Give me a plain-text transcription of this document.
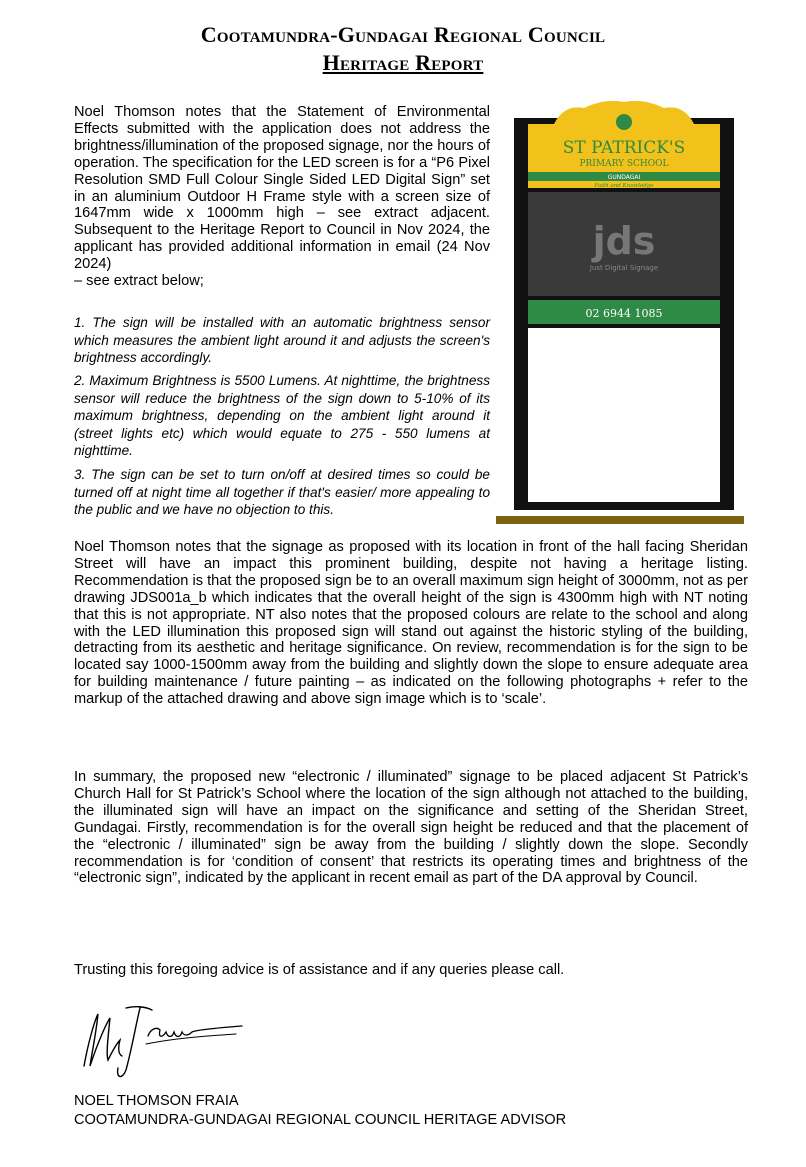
Cootamundra-Gundagai Regional Council
Heritage Report

Noel Thomson notes that the Statement of Environmental Effects submitted with the application does not address the brightness/illumination of the proposed signage, nor the hours of operation. The specification for the LED screen is for a “P6 Pixel Resolution SMD Full Colour Single Sided LED Digital Sign” set in an aluminium Outdoor H Frame style with a screen size of 1647mm wide x 1000mm high – see extract adjacent. Subsequent to the Heritage Report to Council in Nov 2024, the applicant has provided additional information in email (24 Nov 2024)
– see extract below;

1. The sign will be installed with an automatic brightness sensor which measures the ambient light around it and adjusts the screen's brightness accordingly.

2. Maximum Brightness is 5500 Lumens. At nighttime, the brightness sensor will reduce the brightness of the sign down to 5-10% of its maximum brightness, depending on the ambient light around it (street lights etc) which would equate to 275 - 550 lumens at nighttime.

3. The sign can be set to turn on/off at desired times so could be turned off at night time all together if that's easier/ more appealing to the public and we have no objection to this.

ST PATRICK'S
PRIMARY SCHOOL
GUNDAGAI
Faith and Knowledge
jds
Just Digital Signage
02 6944 1085

Noel Thomson notes that the signage as proposed with its location in front of the hall facing Sheridan Street will have an impact this prominent building, despite not having a heritage listing. Recommendation is that the proposed sign be to an overall maximum sign height of 3000mm, not as per drawing JDS001a_b which indicates that the overall height of the sign is 4300mm high with NT noting that this is not appropriate. NT also notes that the proposed colours are relate to the school and along with the LED illumination this proposed sign will stand out against the historic styling of the building, detracting from its aesthetic and heritage significance. On review, recommendation is for the sign to be located say 1000-1500mm away from the building and slightly down the slope to ensure adequate area for building maintenance / future painting – as indicated on the following photographs + refer to the markup of the attached drawing and above sign image which is to ‘scale’.

In summary, the proposed new “electronic / illuminated” signage to be placed adjacent St Patrick’s Church Hall for St Patrick’s School where the location of the sign although not attached to the building, the illuminated sign will have an impact on the significance and setting of the Sheridan Street, Gundagai. Firstly, recommendation is for the overall sign height be reduced and that the placement of the “electronic / illuminated” sign be away from the building / slightly down the slope. Secondly recommendation is for ‘condition of consent’ that restricts its operating times and brightness of the “electronic sign”, indicated by the applicant in recent email as part of the DA approval by Council.

Trusting this foregoing advice is of assistance and if any queries please call.

NOEL THOMSON FRAIA
COOTAMUNDRA-GUNDAGAI REGIONAL COUNCIL HERITAGE ADVISOR
